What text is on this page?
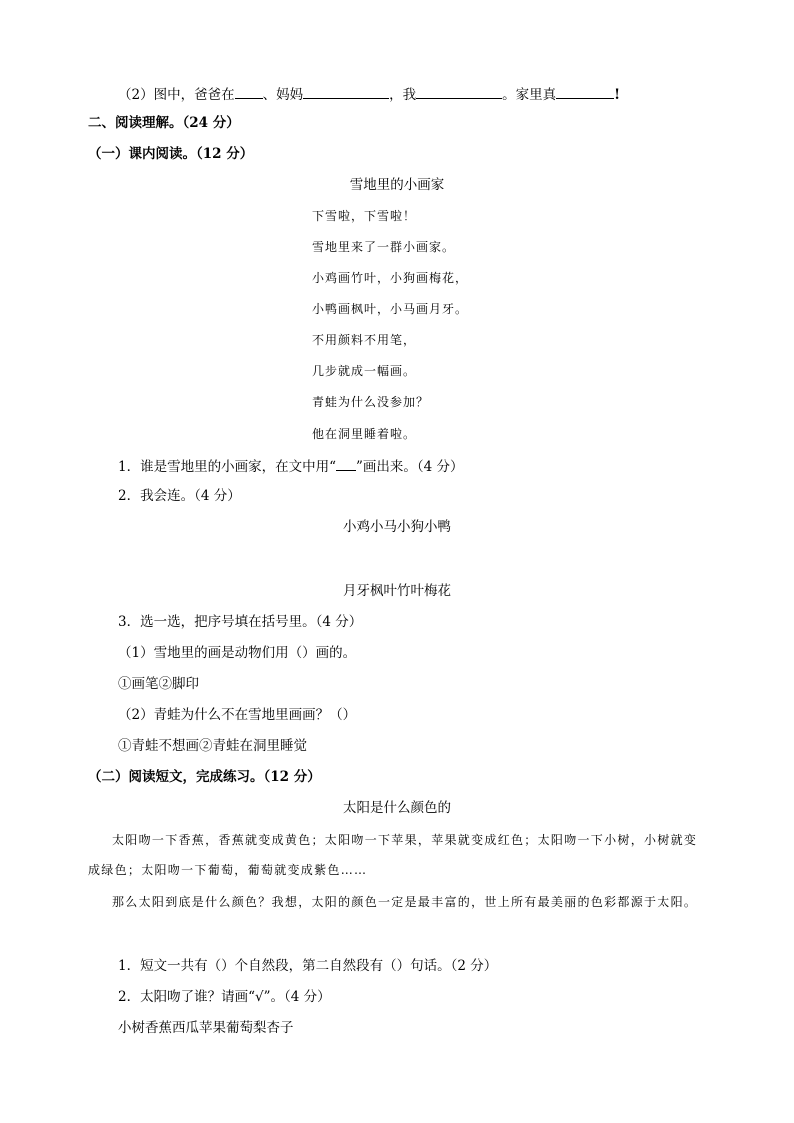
（2）图中，爸爸在 、妈妈	，我	。家里真	!
二、阅读理解。（24 分）
（一）课内阅读。（12 分）
雪地里的小画家
下雪啦，下雪啦！
雪地里来了一群小画家。
小鸡画竹叶，小狗画梅花，
小鸭画枫叶，小马画月牙。
不用颜料不用笔，
几步就成一幅画。
青蛙为什么没参加？
他在洞里睡着啦。
1．谁是雪地里的小画家，在文中用“ ”画出来。（4 分）
2．我会连。（4 分）
小鸡小马小狗小鸭
月牙枫叶竹叶梅花
3．选一选，把序号填在括号里。（4 分）
（1）雪地里的画是动物们用（）画的。
①画笔②脚印
（2）青蛙为什么不在雪地里画画？（）
①青蛙不想画②青蛙在洞里睡觉
（二）阅读短文，完成练习。（12 分）
太阳是什么颜色的
太阳吻一下香蕉，香蕉就变成黄色；太阳吻一下苹果，苹果就变成红色；太阳吻一下小树，小树就变成绿色；太阳吻一下葡萄，葡萄就变成紫色……
那么太阳到底是什么颜色？我想，太阳的颜色一定是最丰富的，世上所有最美丽的色彩都源于太阳。
1．短文一共有（）个自然段，第二自然段有（）句话。（2 分）
2．太阳吻了谁？请画“√”。（4 分）
小树香蕉西瓜苹果葡萄梨杏子
